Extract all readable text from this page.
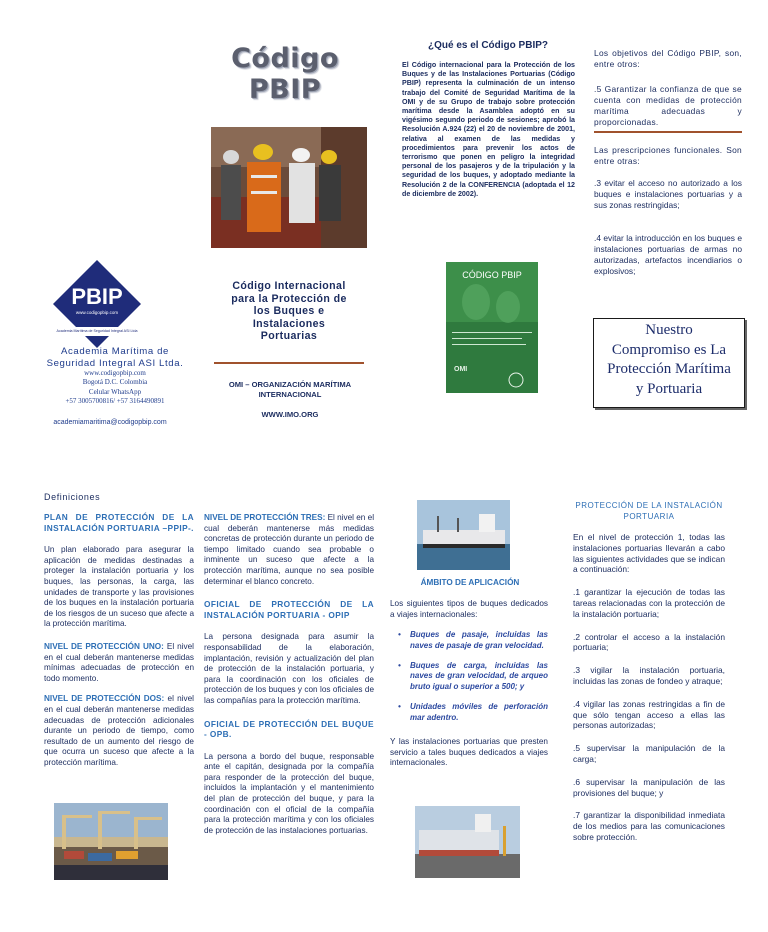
PBIP
www.codigopbip.com
Academia Marítima de Seguridad Integral ASI Ltda
Academia Marítima de
Seguridad Integral ASI Ltda.
www.codigopbip.com
Bogotá D.C. Colombia
Celular WhatsApp
+57 3005700816/ +57 3164490891
academiamaritima@codigopbip.com
Código PBIP
Código Internacional
para la Protección de
los Buques e
Instalaciones
Portuarias
OMI – ORGANIZACIÓN MARÍTIMA
INTERNACIONAL
WWW.IMO.ORG
¿Qué es el Código PBIP?
El Código internacional para la Protección de los Buques y de las Instalaciones Portuarias (Código PBIP) representa la culminación de un intenso trabajo del Comité de Seguridad Marítima de la OMI y de su Grupo de trabajo sobre protección marítima desde la Asamblea adoptó en su vigésimo segundo periodo de sesiones; aprobó la Resolución A.924 (22) el 20 de noviembre de 2001, relativa al examen de las medidas y procedimientos para prevenir los actos de terrorismo que ponen en peligro la integridad personal de los pasajeros y de la tripulación y la seguridad de los buques, y adoptado mediante la Resolución 2 de la CONFERENCIA (adoptada el 12 de diciembre de 2002).
CÓDIGO PBIP
OMI
Los objetivos del Código PBIP, son, entre otros:
.5 Garantizar la confianza de que se cuenta con medidas de protección marítima adecuadas y proporcionadas.
Las prescripciones funcionales. Son entre otras:
.3 evitar el acceso no autorizado a los buques e instalaciones portuarias y a sus zonas restringidas;
.4 evitar la introducción en los buques e instalaciones portuarias de armas no autorizadas, artefactos incendiarios o explosivos;
Nuestro
Compromiso es La
Protección Marítima
y Portuaria
Definiciones
PLAN DE PROTECCIÓN DE LA INSTALACIÓN PORTUARIA –PPIP-.
Un plan elaborado para asegurar la aplicación de medidas destinadas a proteger la instalación portuaria y los buques, las personas, la carga, las unidades de transporte y las provisiones de los buques en la instalación portuaria de los riesgos de un suceso que afecte a la protección marítima.
NIVEL DE PROTECCIÓN UNO: El nivel en el cual deberán mantenerse medidas mínimas adecuadas de protección en todo momento.
NIVEL DE PROTECCIÓN DOS: el nivel en el cual deberán mantenerse medidas adecuadas de protección adicionales durante un periodo de tiempo, como resultado de un aumento del riesgo de que ocurra un suceso que afecte a la protección marítima.
NIVEL DE PROTECCIÓN TRES: El nivel en el cual deberán mantenerse más medidas concretas de protección durante un periodo de tiempo limitado cuando sea probable o inminente un suceso que afecte a la protección marítima, aunque no sea posible determinar el blanco concreto.
OFICIAL DE PROTECCIÓN DE LA INSTALACIÓN PORTUARIA - OPIP
La persona designada para asumir la responsabilidad de la elaboración, implantación, revisión y actualización del plan de protección de la instalación portuaria, y para la coordinación con los oficiales de protección de los buques y con los oficiales de las compañías para la protección marítima.
OFICIAL DE PROTECCIÓN DEL BUQUE - OPB.
La persona a bordo del buque, responsable ante el capitán, designada por la compañía para responder de la protección del buque, incluidos la implantación y el mantenimiento del plan de protección del buque, y para la coordinación con el oficial de la compañía para la protección marítima y con los oficiales de protección de las instalaciones portuarias.
ÁMBITO DE APLICACIÓN
Los siguientes tipos de buques dedicados a viajes internacionales:
• Buques de pasaje, incluidas las naves de pasaje de gran velocidad.
• Buques de carga, incluidas las naves de gran velocidad, de arqueo bruto igual o superior a 500; y
• Unidades móviles de perforación mar adentro.
Y las instalaciones portuarias que presten servicio a tales buques dedicados a viajes internacionales.
PROTECCIÓN DE LA INSTALACIÓN
PORTUARIA
En el nivel de protección 1, todas las instalaciones portuarias llevarán a cabo las siguientes actividades que se indican a continuación:
.1 garantizar la ejecución de todas las tareas relacionadas con la protección de la instalación portuaria;
.2 controlar el acceso a la instalación portuaria;
.3 vigilar la instalación portuaria, incluidas las zonas de fondeo y atraque;
.4 vigilar las zonas restringidas a fin de que sólo tengan acceso a ellas las personas autorizadas;
.5 supervisar la manipulación de la carga;
.6 supervisar la manipulación de las provisiones del buque; y
.7 garantizar la disponibilidad inmediata de los medios para las comunicaciones sobre protección.
